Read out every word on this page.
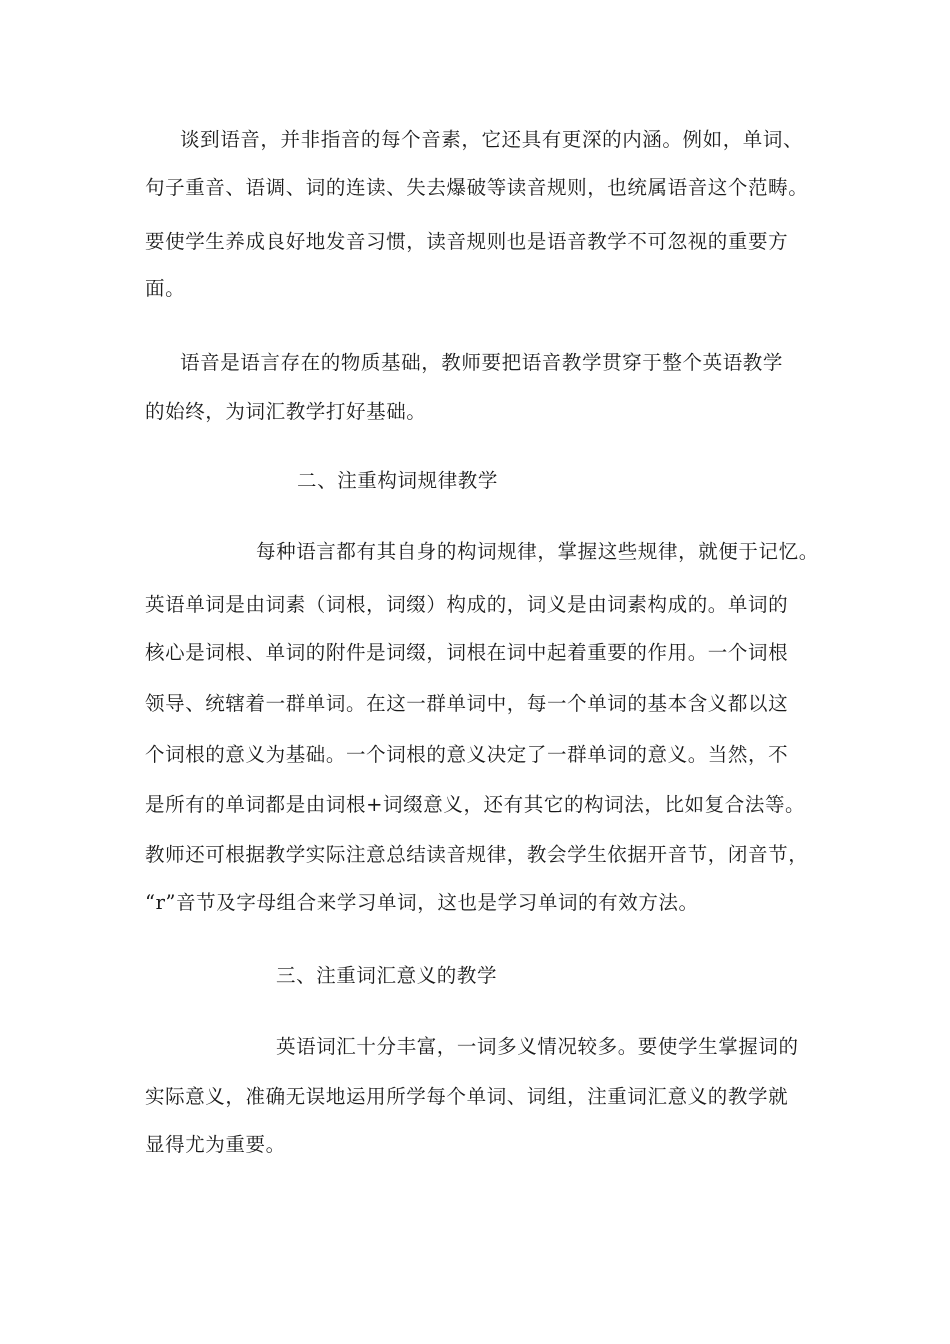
谈到语音，并非指音的每个音素，它还具有更深的内涵。例如，单词、
句子重音、语调、词的连读、失去爆破等读音规则，也统属语音这个范畴。
要使学生养成良好地发音习惯，读音规则也是语音教学不可忽视的重要方
面。
语音是语言存在的物质基础，教师要把语音教学贯穿于整个英语教学
的始终，为词汇教学打好基础。
二、注重构词规律教学
每种语言都有其自身的构词规律，掌握这些规律，就便于记忆。
英语单词是由词素（词根，词缀）构成的，词义是由词素构成的。单词的
核心是词根、单词的附件是词缀，词根在词中起着重要的作用。一个词根
领导、统辖着一群单词。在这一群单词中，每一个单词的基本含义都以这
个词根的意义为基础。一个词根的意义决定了一群单词的意义。当然，不
是所有的单词都是由词根+词缀意义，还有其它的构词法，比如复合法等。
教师还可根据教学实际注意总结读音规律，教会学生依据开音节，闭音节，
“r”音节及字母组合来学习单词，这也是学习单词的有效方法。
三、注重词汇意义的教学
英语词汇十分丰富，一词多义情况较多。要使学生掌握词的
实际意义，准确无误地运用所学每个单词、词组，注重词汇意义的教学就
显得尤为重要。
